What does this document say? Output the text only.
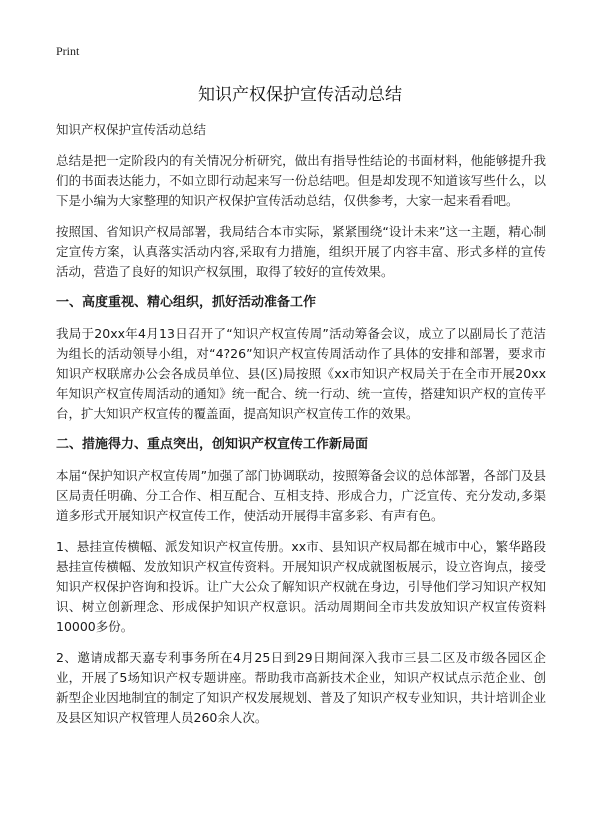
Print
知识产权保护宣传活动总结

知识产权保护宣传活动总结

总结是把一定阶段内的有关情况分析研究，做出有指导性结论的书面材料，他能够提升我们的书面表达能力，不如立即行动起来写一份总结吧。但是却发现不知道该写些什么，以下是小编为大家整理的知识产权保护宣传活动总结，仅供参考，大家一起来看看吧。

按照国、省知识产权局部署，我局结合本市实际，紧紧围绕“设计未来”这一主题，精心制定宣传方案，认真落实活动内容,采取有力措施，组织开展了内容丰富、形式多样的宣传活动，营造了良好的知识产权氛围，取得了较好的宣传效果。

一、高度重视、精心组织，抓好活动准备工作

我局于20xx年4月13日召开了“知识产权宣传周”活动筹备会议，成立了以副局长了范洁为组长的活动领导小组，对“4?26”知识产权宣传周活动作了具体的安排和部署，要求市知识产权联席办公会各成员单位、县(区)局按照《xx市知识产权局关于在全市开展20xx年知识产权宣传周活动的通知》统一配合、统一行动、统一宣传，搭建知识产权的宣传平台，扩大知识产权宣传的覆盖面，提高知识产权宣传工作的效果。

二、措施得力、重点突出，创知识产权宣传工作新局面

本届“保护知识产权宣传周”加强了部门协调联动，按照筹备会议的总体部署，各部门及县区局责任明确、分工合作、相互配合、互相支持、形成合力，广泛宣传、充分发动,多渠道多形式开展知识产权宣传工作，使活动开展得丰富多彩、有声有色。

1、悬挂宣传横幅、派发知识产权宣传册。xx市、县知识产权局都在城市中心，繁华路段悬挂宣传横幅、发放知识产权宣传资料。开展知识产权成就图板展示，设立咨询点，接受知识产权保护咨询和投诉。让广大公众了解知识产权就在身边，引导他们学习知识产权知识、树立创新理念、形成保护知识产权意识。活动周期间全市共发放知识产权宣传资料10000多份。

2、邀请成都天嘉专利事务所在4月25日到29日期间深入我市三县二区及市级各园区企业，开展了5场知识产权专题讲座。帮助我市高新技术企业，知识产权试点示范企业、创新型企业因地制宜的制定了知识产权发展规划、普及了知识产权专业知识，共计培训企业及县区知识产权管理人员260余人次。
